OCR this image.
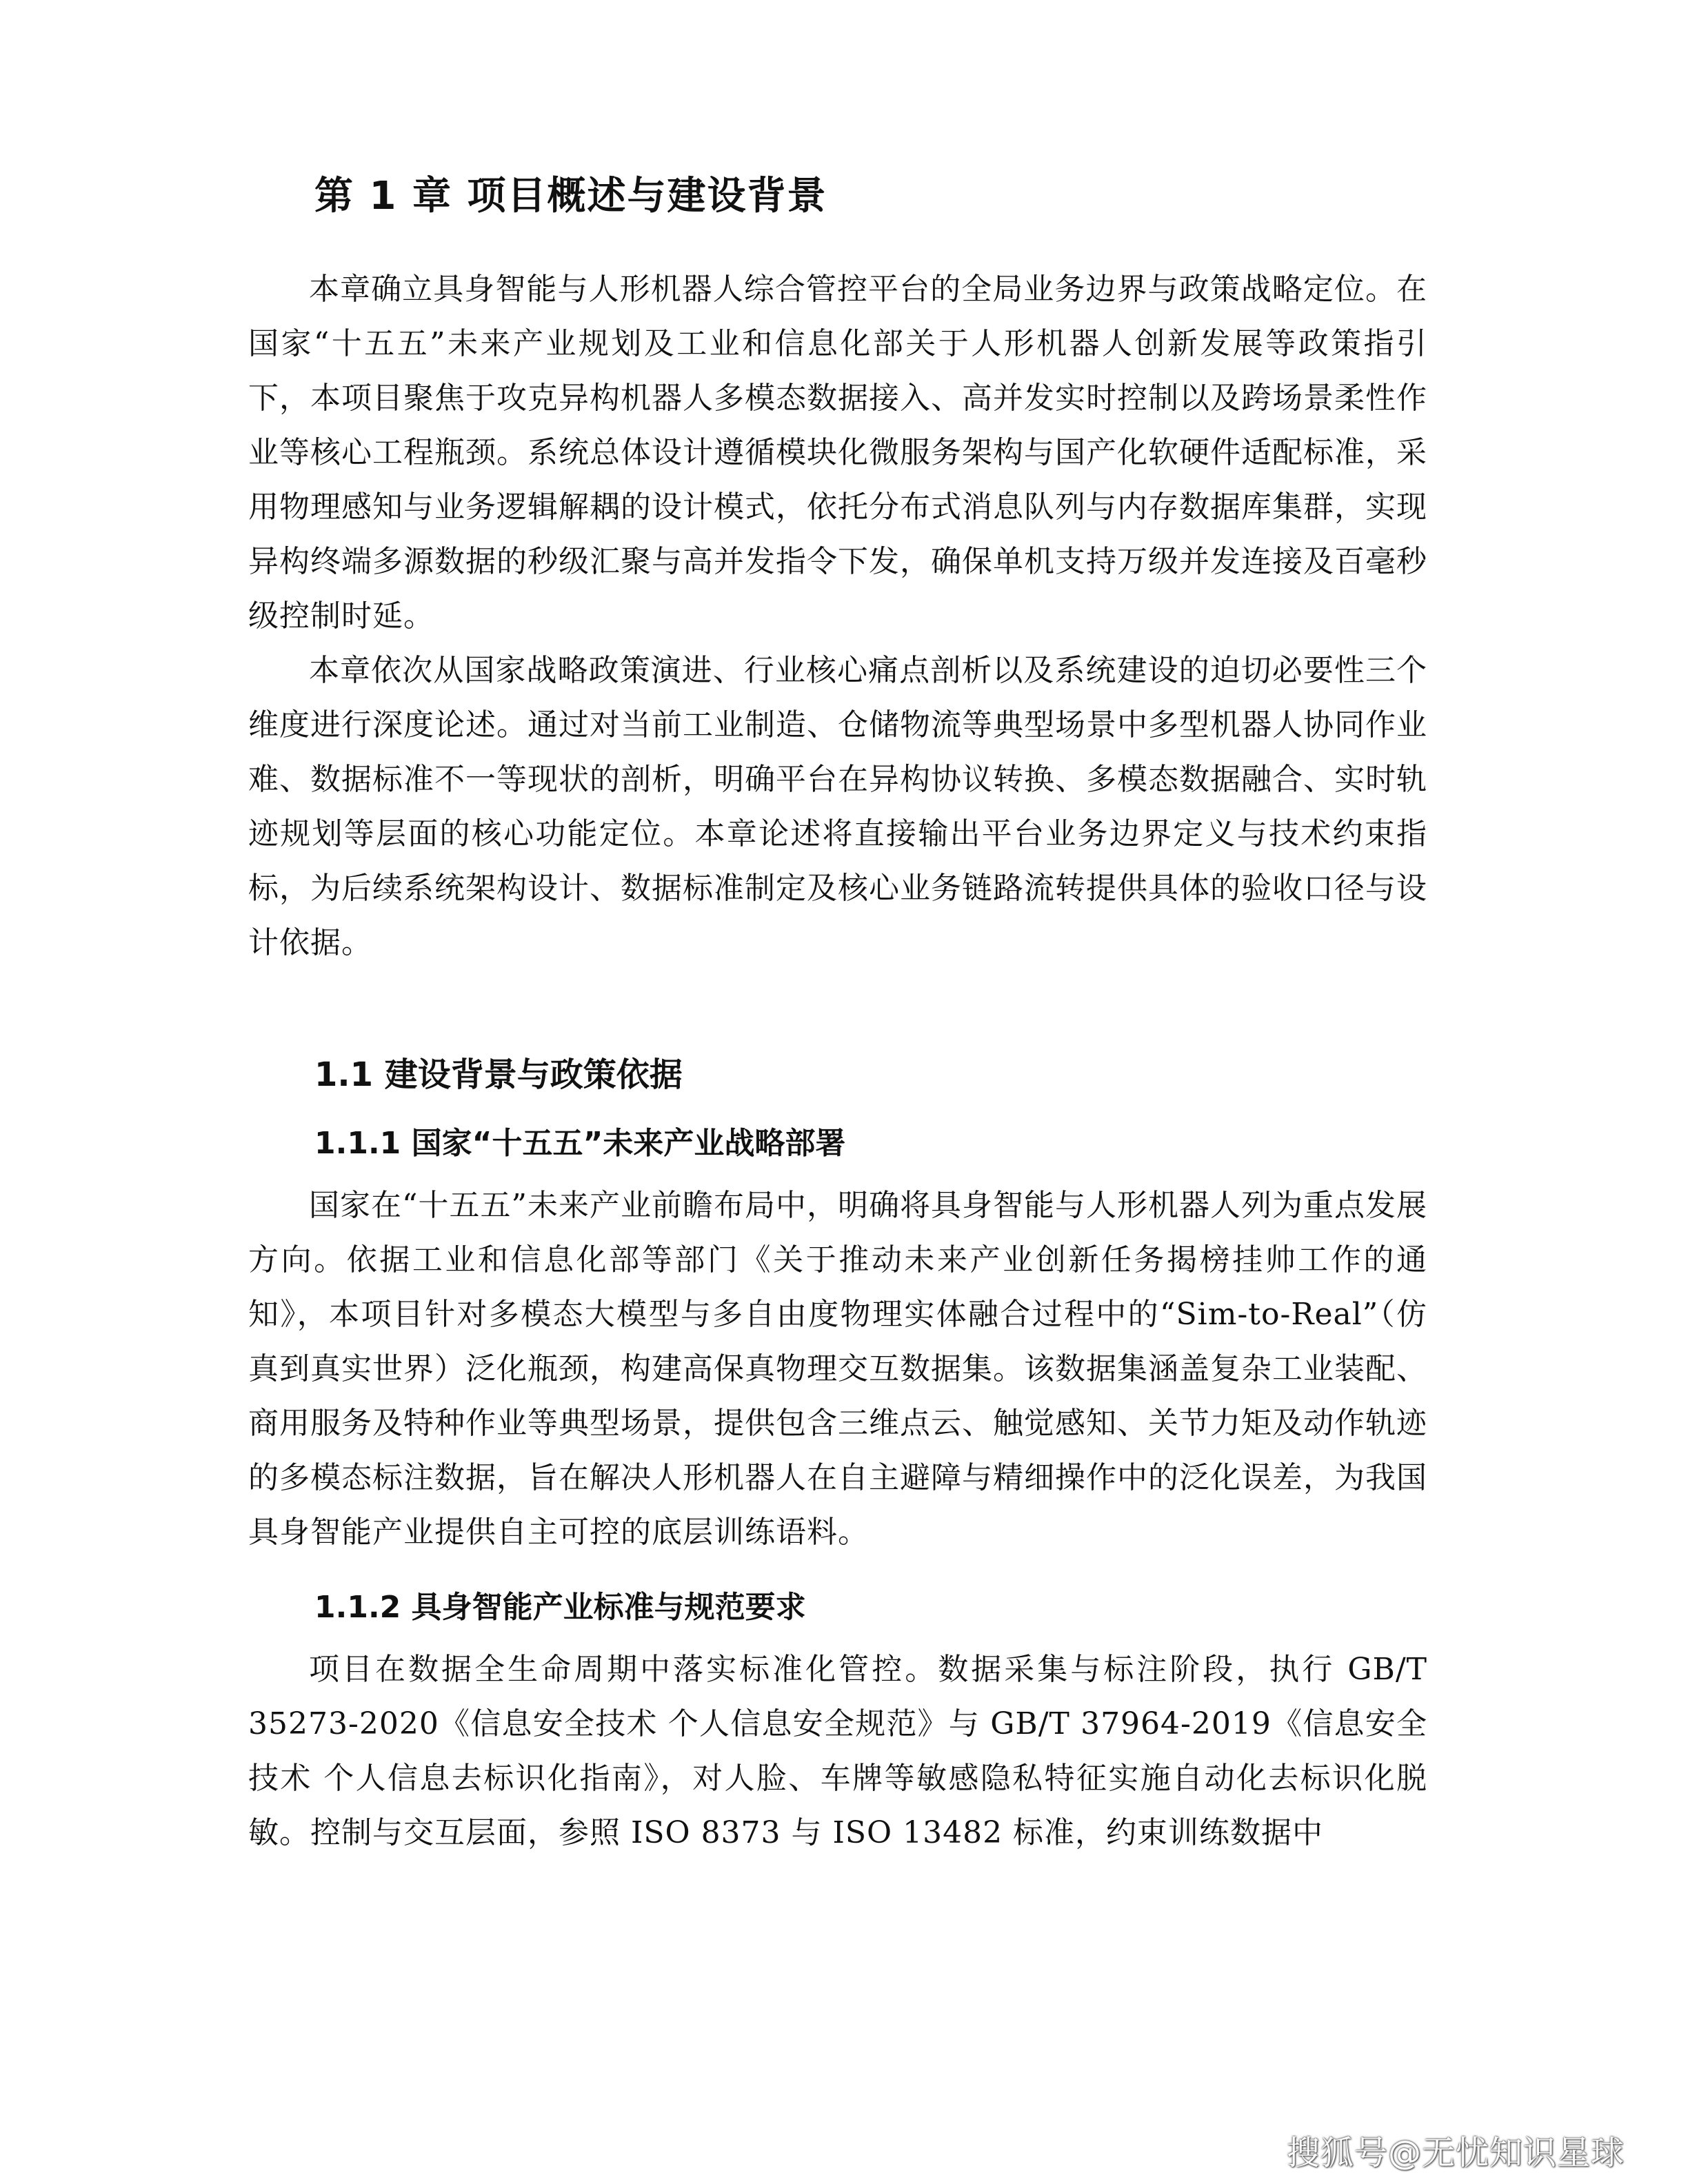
第 1 章 项目概述与建设背景

本章确立具身智能与人形机器人综合管控平台的全局业务边界与政策战略定位。在国家“十五五”未来产业规划及工业和信息化部关于人形机器人创新发展等政策指引下，本项目聚焦于攻克异构机器人多模态数据接入、高并发实时控制以及跨场景柔性作业等核心工程瓶颈。系统总体设计遵循模块化微服务架构与国产化软硬件适配标准，采用物理感知与业务逻辑解耦的设计模式，依托分布式消息队列与内存数据库集群，实现异构终端多源数据的秒级汇聚与高并发指令下发，确保单机支持万级并发连接及百毫秒级控制时延。

本章依次从国家战略政策演进、行业核心痛点剖析以及系统建设的迫切必要性三个维度进行深度论述。通过对当前工业制造、仓储物流等典型场景中多型机器人协同作业难、数据标准不一等现状的剖析，明确平台在异构协议转换、多模态数据融合、实时轨迹规划等层面的核心功能定位。本章论述将直接输出平台业务边界定义与技术约束指标，为后续系统架构设计、数据标准制定及核心业务链路流转提供具体的验收口径与设计依据。

1.1 建设背景与政策依据
1.1.1 国家“十五五”未来产业战略部署

国家在“十五五”未来产业前瞻布局中，明确将具身智能与人形机器人列为重点发展方向。依据工业和信息化部等部门《关于推动未来产业创新任务揭榜挂帅工作的通知》，本项目针对多模态大模型与多自由度物理实体融合过程中的“Sim-to-Real”（仿真到真实世界）泛化瓶颈，构建高保真物理交互数据集。该数据集涵盖复杂工业装配、商用服务及特种作业等典型场景，提供包含三维点云、触觉感知、关节力矩及动作轨迹的多模态标注数据，旨在解决人形机器人在自主避障与精细操作中的泛化误差，为我国具身智能产业提供自主可控的底层训练语料。

1.1.2 具身智能产业标准与规范要求

项目在数据全生命周期中落实标准化管控。数据采集与标注阶段，执行 GB/T 35273-2020《信息安全技术 个人信息安全规范》与 GB/T 37964-2019《信息安全技术 个人信息去标识化指南》，对人脸、车牌等敏感隐私特征实施自动化去标识化脱敏。控制与交互层面，参照 ISO 8373 与 ISO 13482 标准，约束训练数据中

搜狐号@无忧知识星球
